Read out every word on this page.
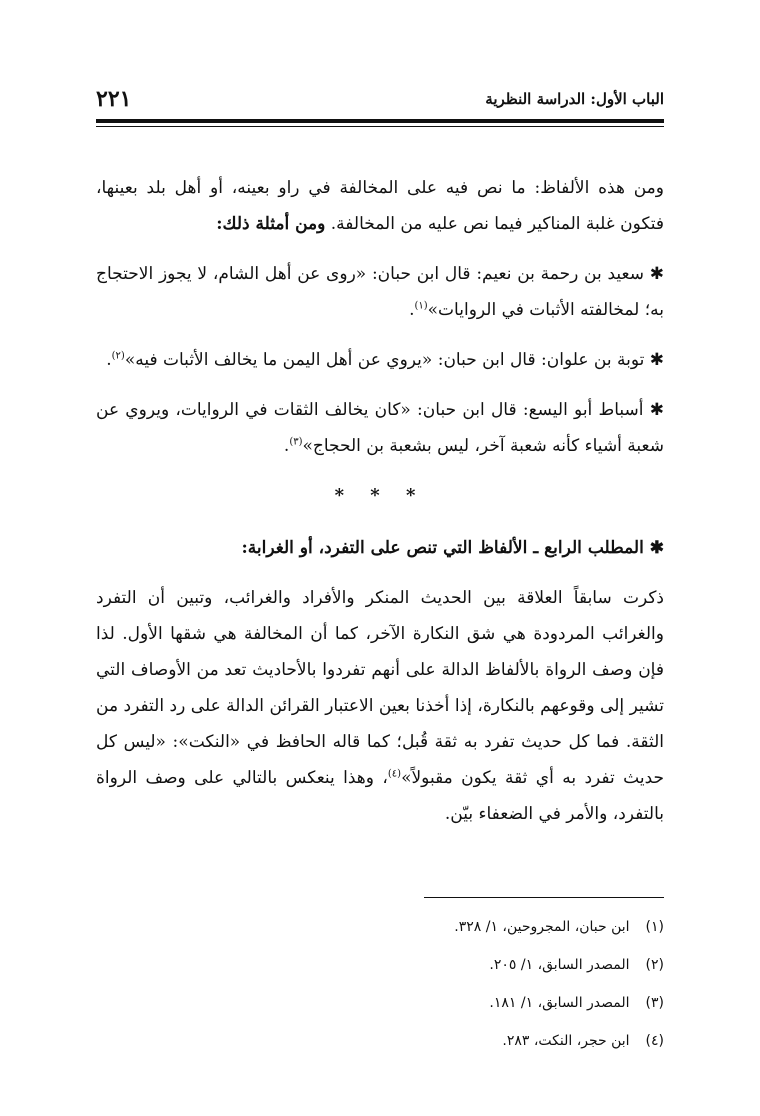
الباب الأول: الدراسة النظرية
٢٢١

ومن هذه الألفاظ: ما نص فيه على المخالفة في راو بعينه، أو أهل بلد بعينها، فتكون غلبة المناكير فيما نص عليه من المخالفة. ومن أمثلة ذلك:

✱ سعيد بن رحمة بن نعيم: قال ابن حبان: «روى عن أهل الشام، لا يجوز الاحتجاج به؛ لمخالفته الأثبات في الروايات»$^{(١)}$.

✱ توبة بن علوان: قال ابن حبان: «يروي عن أهل اليمن ما يخالف الأثبات فيه»$^{(٢)}$.

✱ أسباط أبو اليسع: قال ابن حبان: «كان يخالف الثقات في الروايات، ويروي عن شعبة أشياء كأنه شعبة آخر، ليس بشعبة بن الحجاج»$^{(٣)}$.

* * *

✱ المطلب الرابع ـ الألفاظ التي تنص على التفرد، أو الغرابة:

ذكرت سابقاً العلاقة بين الحديث المنكر والأفراد والغرائب، وتبين أن التفرد والغرائب المردودة هي شق النكارة الآخر، كما أن المخالفة هي شقها الأول. لذا فإن وصف الرواة بالألفاظ الدالة على أنهم تفردوا بالأحاديث تعد من الأوصاف التي تشير إلى وقوعهم بالنكارة، إذا أخذنا بعين الاعتبار القرائن الدالة على رد التفرد من الثقة. فما كل حديث تفرد به ثقة قُبل؛ كما قاله الحافظ في «النكت»: «ليس كل حديث تفرد به أي ثقة يكون مقبولاً»$^{(٤)}$، وهذا ينعكس بالتالي على وصف الرواة بالتفرد، والأمر في الضعفاء بيّن.

(١) ابن حبان، المجروحين، ١/ ٣٢٨.
(٢) المصدر السابق، ١/ ٢٠٥.
(٣) المصدر السابق، ١/ ١٨١.
(٤) ابن حجر، النكت، ٢٨٣.
